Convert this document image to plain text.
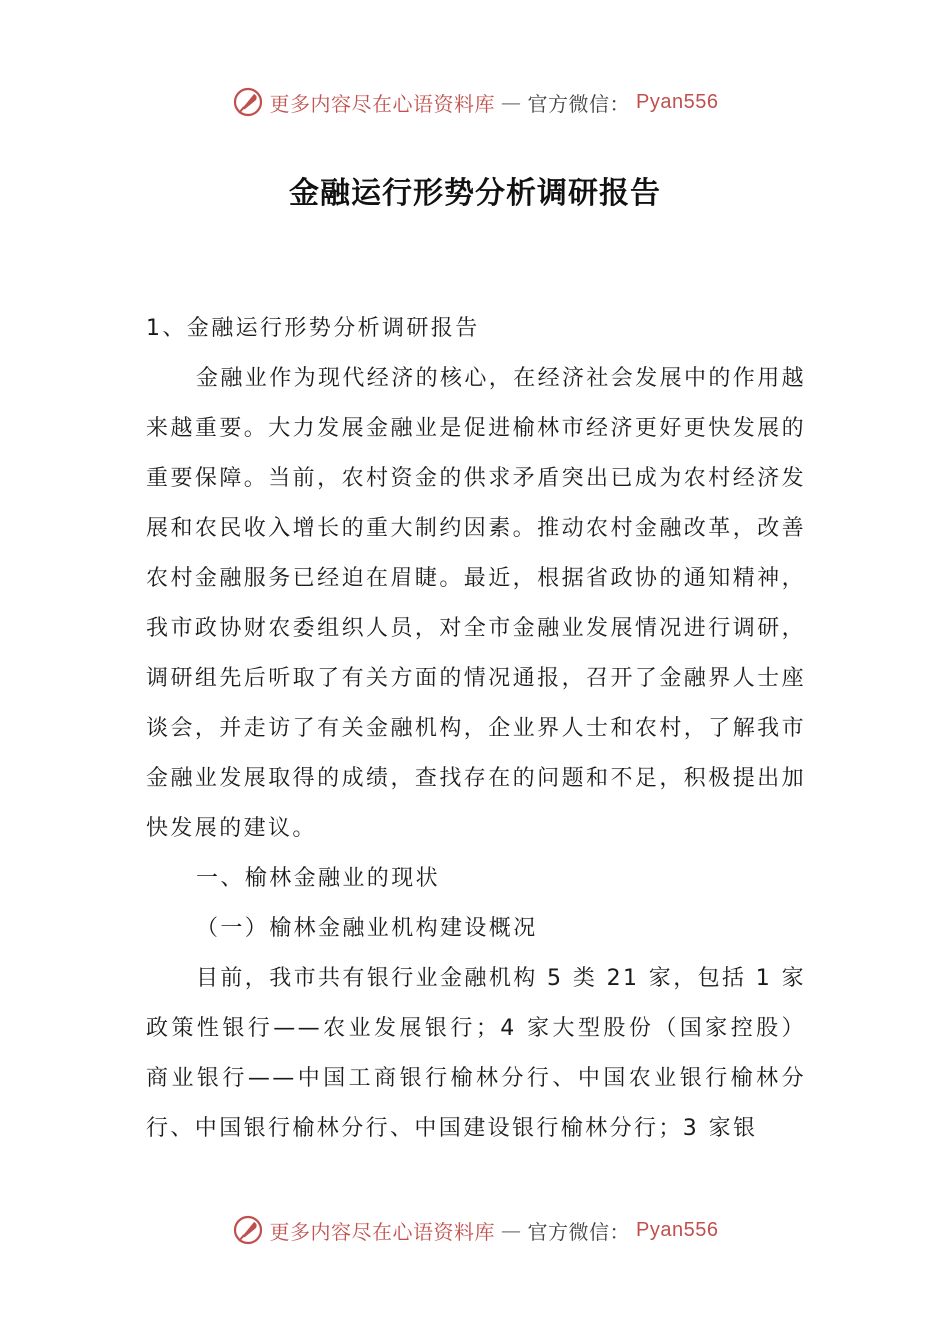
更多内容尽在心语资料库 — 官方微信： Pyan556
金融运行形势分析调研报告

1、金融运行形势分析调研报告

金融业作为现代经济的核心，在经济社会发展中的作用越来越重要。大力发展金融业是促进榆林市经济更好更快发展的重要保障。当前，农村资金的供求矛盾突出已成为农村经济发展和农民收入增长的重大制约因素。推动农村金融改革，改善农村金融服务已经迫在眉睫。最近，根据省政协的通知精神，我市政协财农委组织人员，对全市金融业发展情况进行调研，调研组先后听取了有关方面的情况通报，召开了金融界人士座谈会，并走访了有关金融机构，企业界人士和农村，了解我市金融业发展取得的成绩，查找存在的问题和不足，积极提出加快发展的建议。

一、榆林金融业的现状

（一）榆林金融业机构建设概况

目前，我市共有银行业金融机构 5 类 21 家，包括 1 家政策性银行——农业发展银行；4 家大型股份（国家控股）商业银行——中国工商银行榆林分行、中国农业银行榆林分行、中国银行榆林分行、中国建设银行榆林分行；3 家银

更多内容尽在心语资料库 — 官方微信： Pyan556
